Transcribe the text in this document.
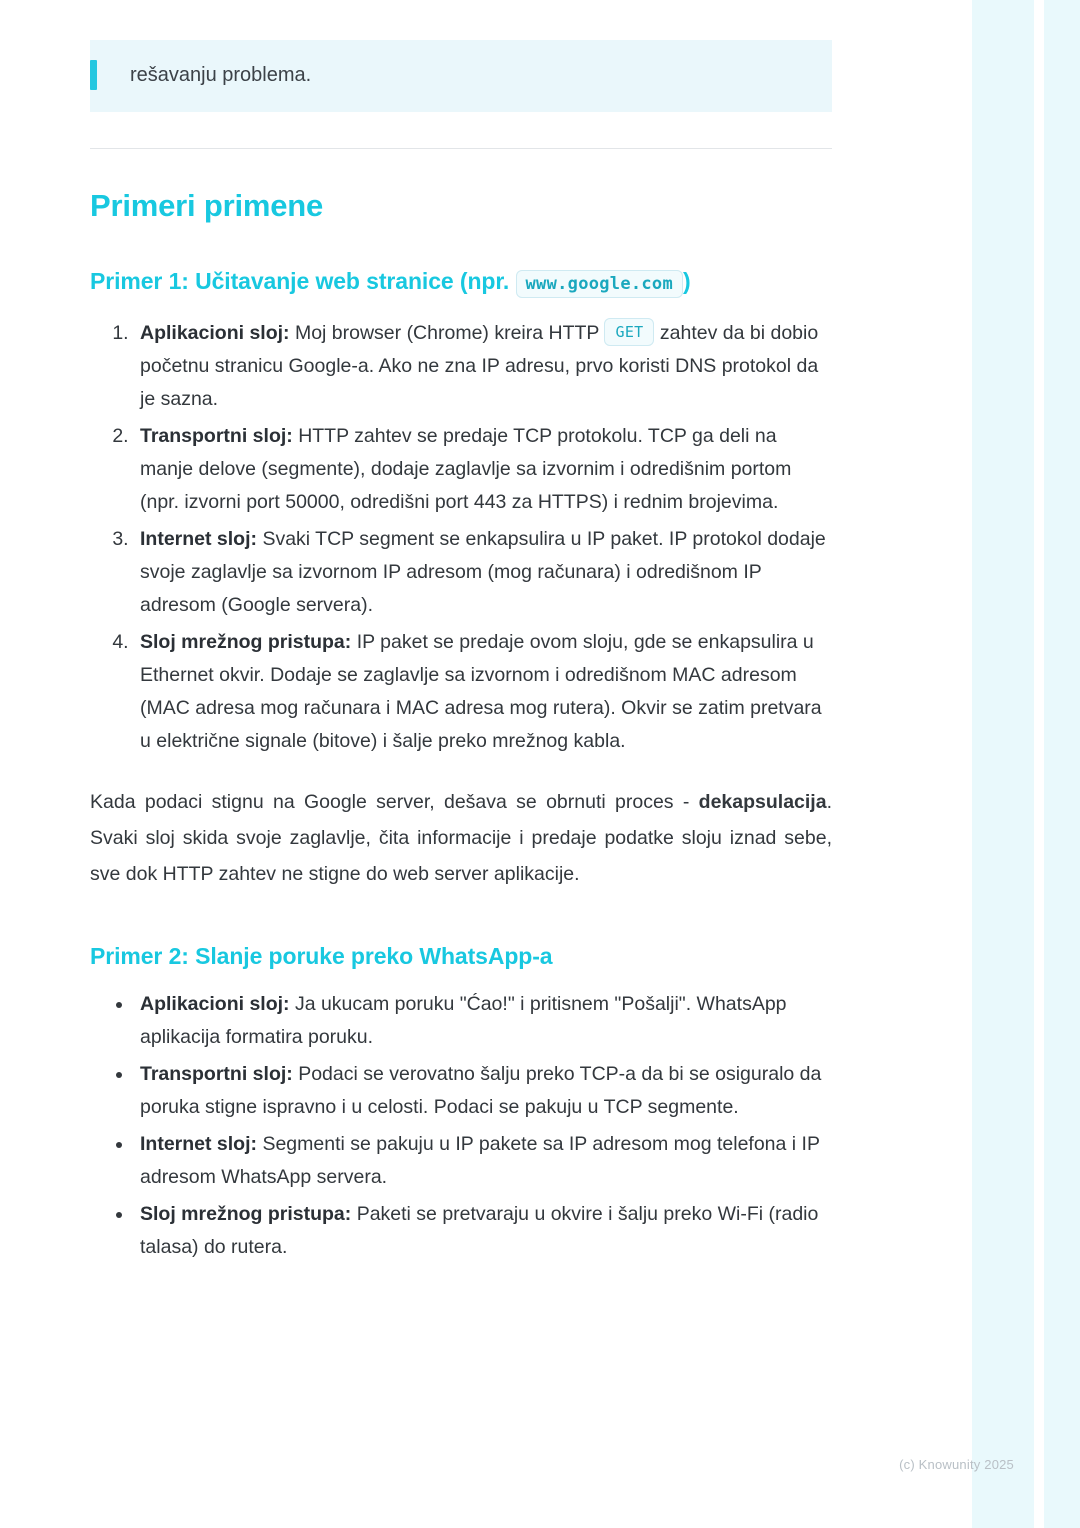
rešavanju problema.
Primeri primene
Primer 1: Učitavanje web stranice (npr. www.google.com )
1. Aplikacioni sloj: Moj browser (Chrome) kreira HTTP GET zahtev da bi dobio početnu stranicu Google-a. Ako ne zna IP adresu, prvo koristi DNS protokol da je sazna.
2. Transportni sloj: HTTP zahtev se predaje TCP protokolu. TCP ga deli na manje delove (segmente), dodaje zaglavlje sa izvornim i odredišnim portom (npr. izvorni port 50000, odredišni port 443 za HTTPS) i rednim brojevima.
3. Internet sloj: Svaki TCP segment se enkapsulira u IP paket. IP protokol dodaje svoje zaglavlje sa izvornom IP adresom (mog računara) i odredišnom IP adresom (Google servera).
4. Sloj mrežnog pristupa: IP paket se predaje ovom sloju, gde se enkapsulira u Ethernet okvir. Dodaje se zaglavlje sa izvornom i odredišnom MAC adresom (MAC adresa mog računara i MAC adresa mog rutera). Okvir se zatim pretvara u električne signale (bitove) i šalje preko mrežnog kabla.

Kada podaci stignu na Google server, dešava se obrnuti proces - dekapsulacija. Svaki sloj skida svoje zaglavlje, čita informacije i predaje podatke sloju iznad sebe, sve dok HTTP zahtev ne stigne do web server aplikacije.

Primer 2: Slanje poruke preko WhatsApp-a
• Aplikacioni sloj: Ja ukucam poruku "Ćao!" i pritisnem "Pošalji". WhatsApp aplikacija formatira poruku.
• Transportni sloj: Podaci se verovatno šalju preko TCP-a da bi se osiguralo da poruka stigne ispravno i u celosti. Podaci se pakuju u TCP segmente.
• Internet sloj: Segmenti se pakuju u IP pakete sa IP adresom mog telefona i IP adresom WhatsApp servera.
• Sloj mrežnog pristupa: Paketi se pretvaraju u okvire i šalju preko Wi-Fi (radio talasa) do rutera.
(c) Knowunity 2025
